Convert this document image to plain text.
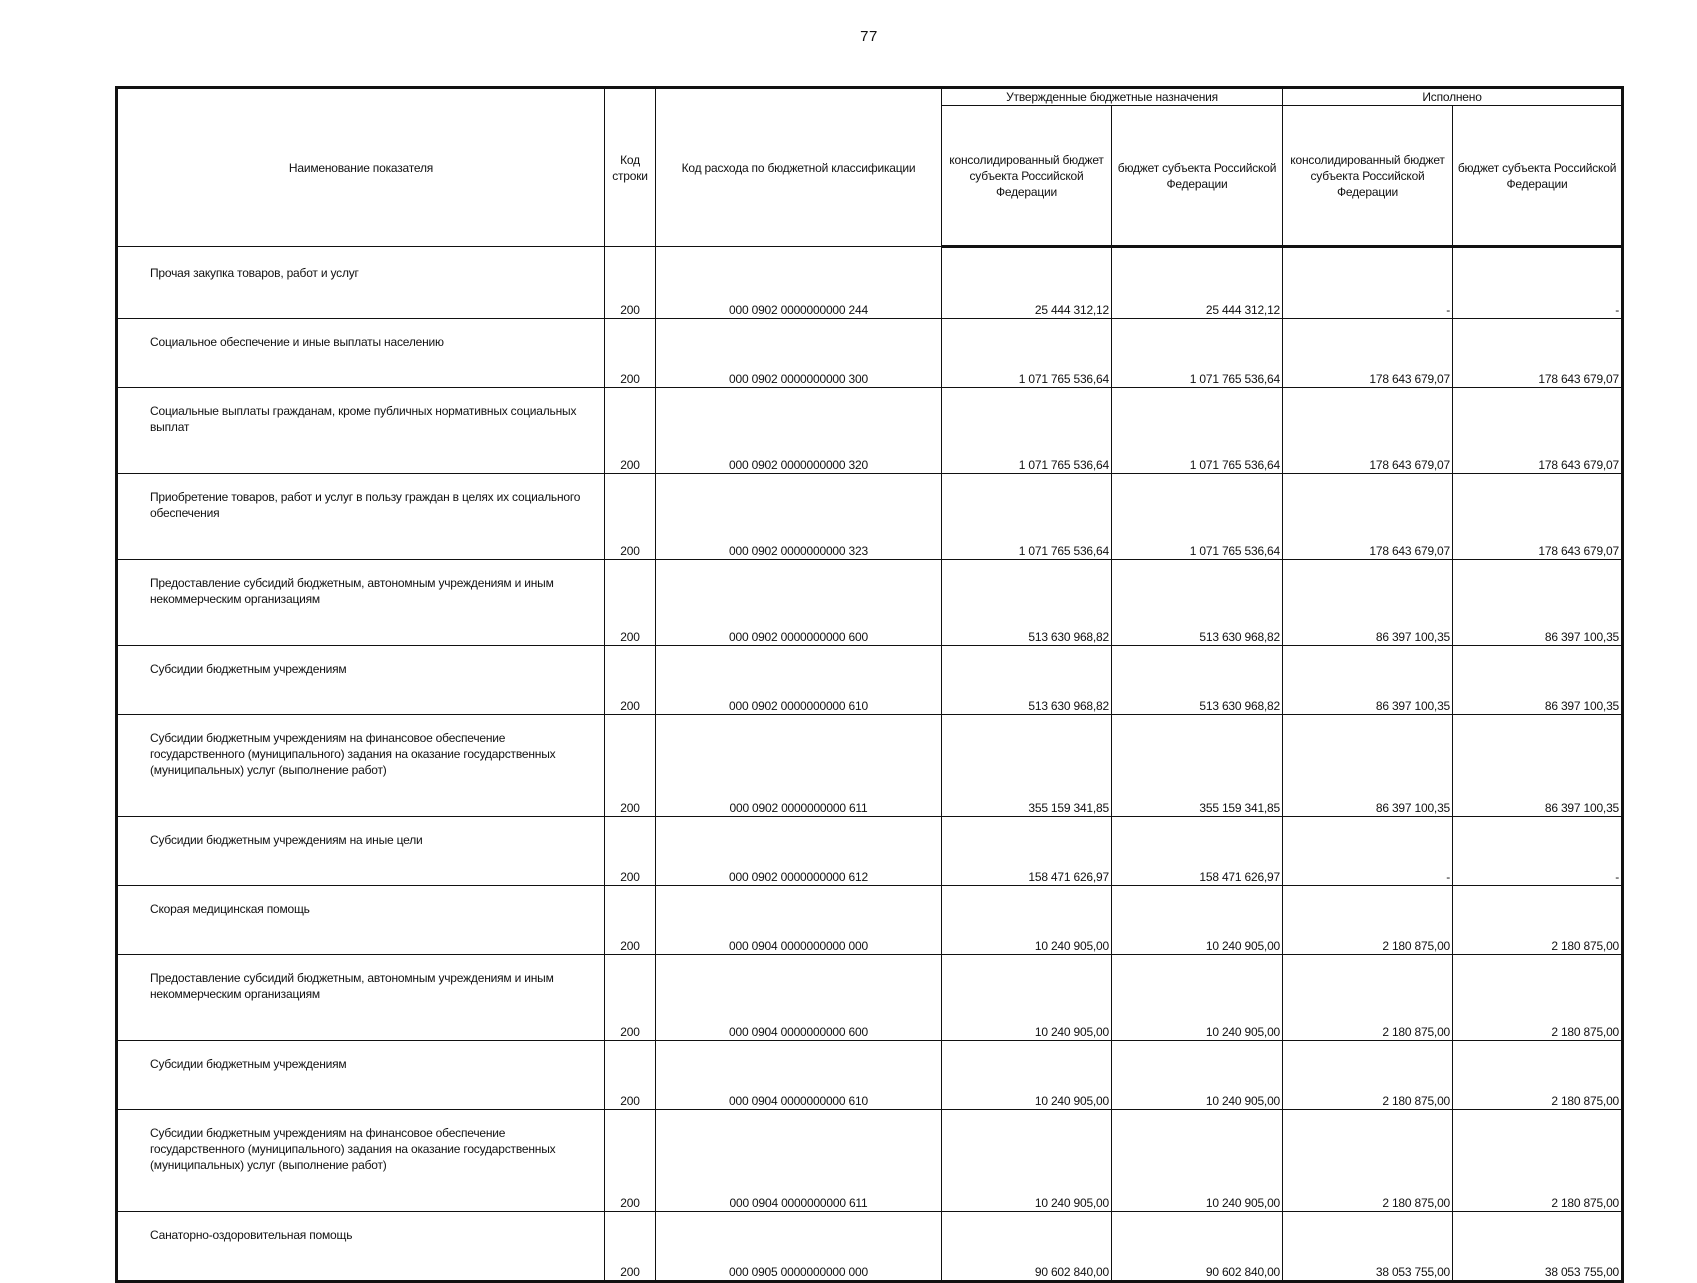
77
Наименование показателя	Код строки	Код расхода по бюджетной классификации	Утвержденные бюджетные назначения		Исполнено	
			консолидированный бюджет субъекта Российской Федерации	бюджет субъекта Российской Федерации	консолидированный бюджет субъекта Российской Федерации	бюджет субъекта Российской Федерации
Прочая закупка товаров, работ и услуг	200	000 0902 0000000000 244	25 444 312,12	25 444 312,12	-	-
Социальное обеспечение и иные выплаты населению	200	000 0902 0000000000 300	1 071 765 536,64	1 071 765 536,64	178 643 679,07	178 643 679,07
Социальные выплаты гражданам, кроме публичных нормативных социальных выплат	200	000 0902 0000000000 320	1 071 765 536,64	1 071 765 536,64	178 643 679,07	178 643 679,07
Приобретение товаров, работ и услуг в пользу граждан в целях их социального обеспечения	200	000 0902 0000000000 323	1 071 765 536,64	1 071 765 536,64	178 643 679,07	178 643 679,07
Предоставление субсидий бюджетным, автономным учреждениям и иным некоммерческим организациям	200	000 0902 0000000000 600	513 630 968,82	513 630 968,82	86 397 100,35	86 397 100,35
Субсидии бюджетным учреждениям	200	000 0902 0000000000 610	513 630 968,82	513 630 968,82	86 397 100,35	86 397 100,35
Субсидии бюджетным учреждениям на финансовое обеспечение государственного (муниципального) задания на оказание государственных (муниципальных) услуг (выполнение работ)	200	000 0902 0000000000 611	355 159 341,85	355 159 341,85	86 397 100,35	86 397 100,35
Субсидии бюджетным учреждениям на иные цели	200	000 0902 0000000000 612	158 471 626,97	158 471 626,97	-	-
Скорая медицинская помощь	200	000 0904 0000000000 000	10 240 905,00	10 240 905,00	2 180 875,00	2 180 875,00
Предоставление субсидий бюджетным, автономным учреждениям и иным некоммерческим организациям	200	000 0904 0000000000 600	10 240 905,00	10 240 905,00	2 180 875,00	2 180 875,00
Субсидии бюджетным учреждениям	200	000 0904 0000000000 610	10 240 905,00	10 240 905,00	2 180 875,00	2 180 875,00
Субсидии бюджетным учреждениям на финансовое обеспечение государственного (муниципального) задания на оказание государственных (муниципальных) услуг (выполнение работ)	200	000 0904 0000000000 611	10 240 905,00	10 240 905,00	2 180 875,00	2 180 875,00
Санаторно-оздоровительная помощь	200	000 0905 0000000000 000	90 602 840,00	90 602 840,00	38 053 755,00	38 053 755,00
